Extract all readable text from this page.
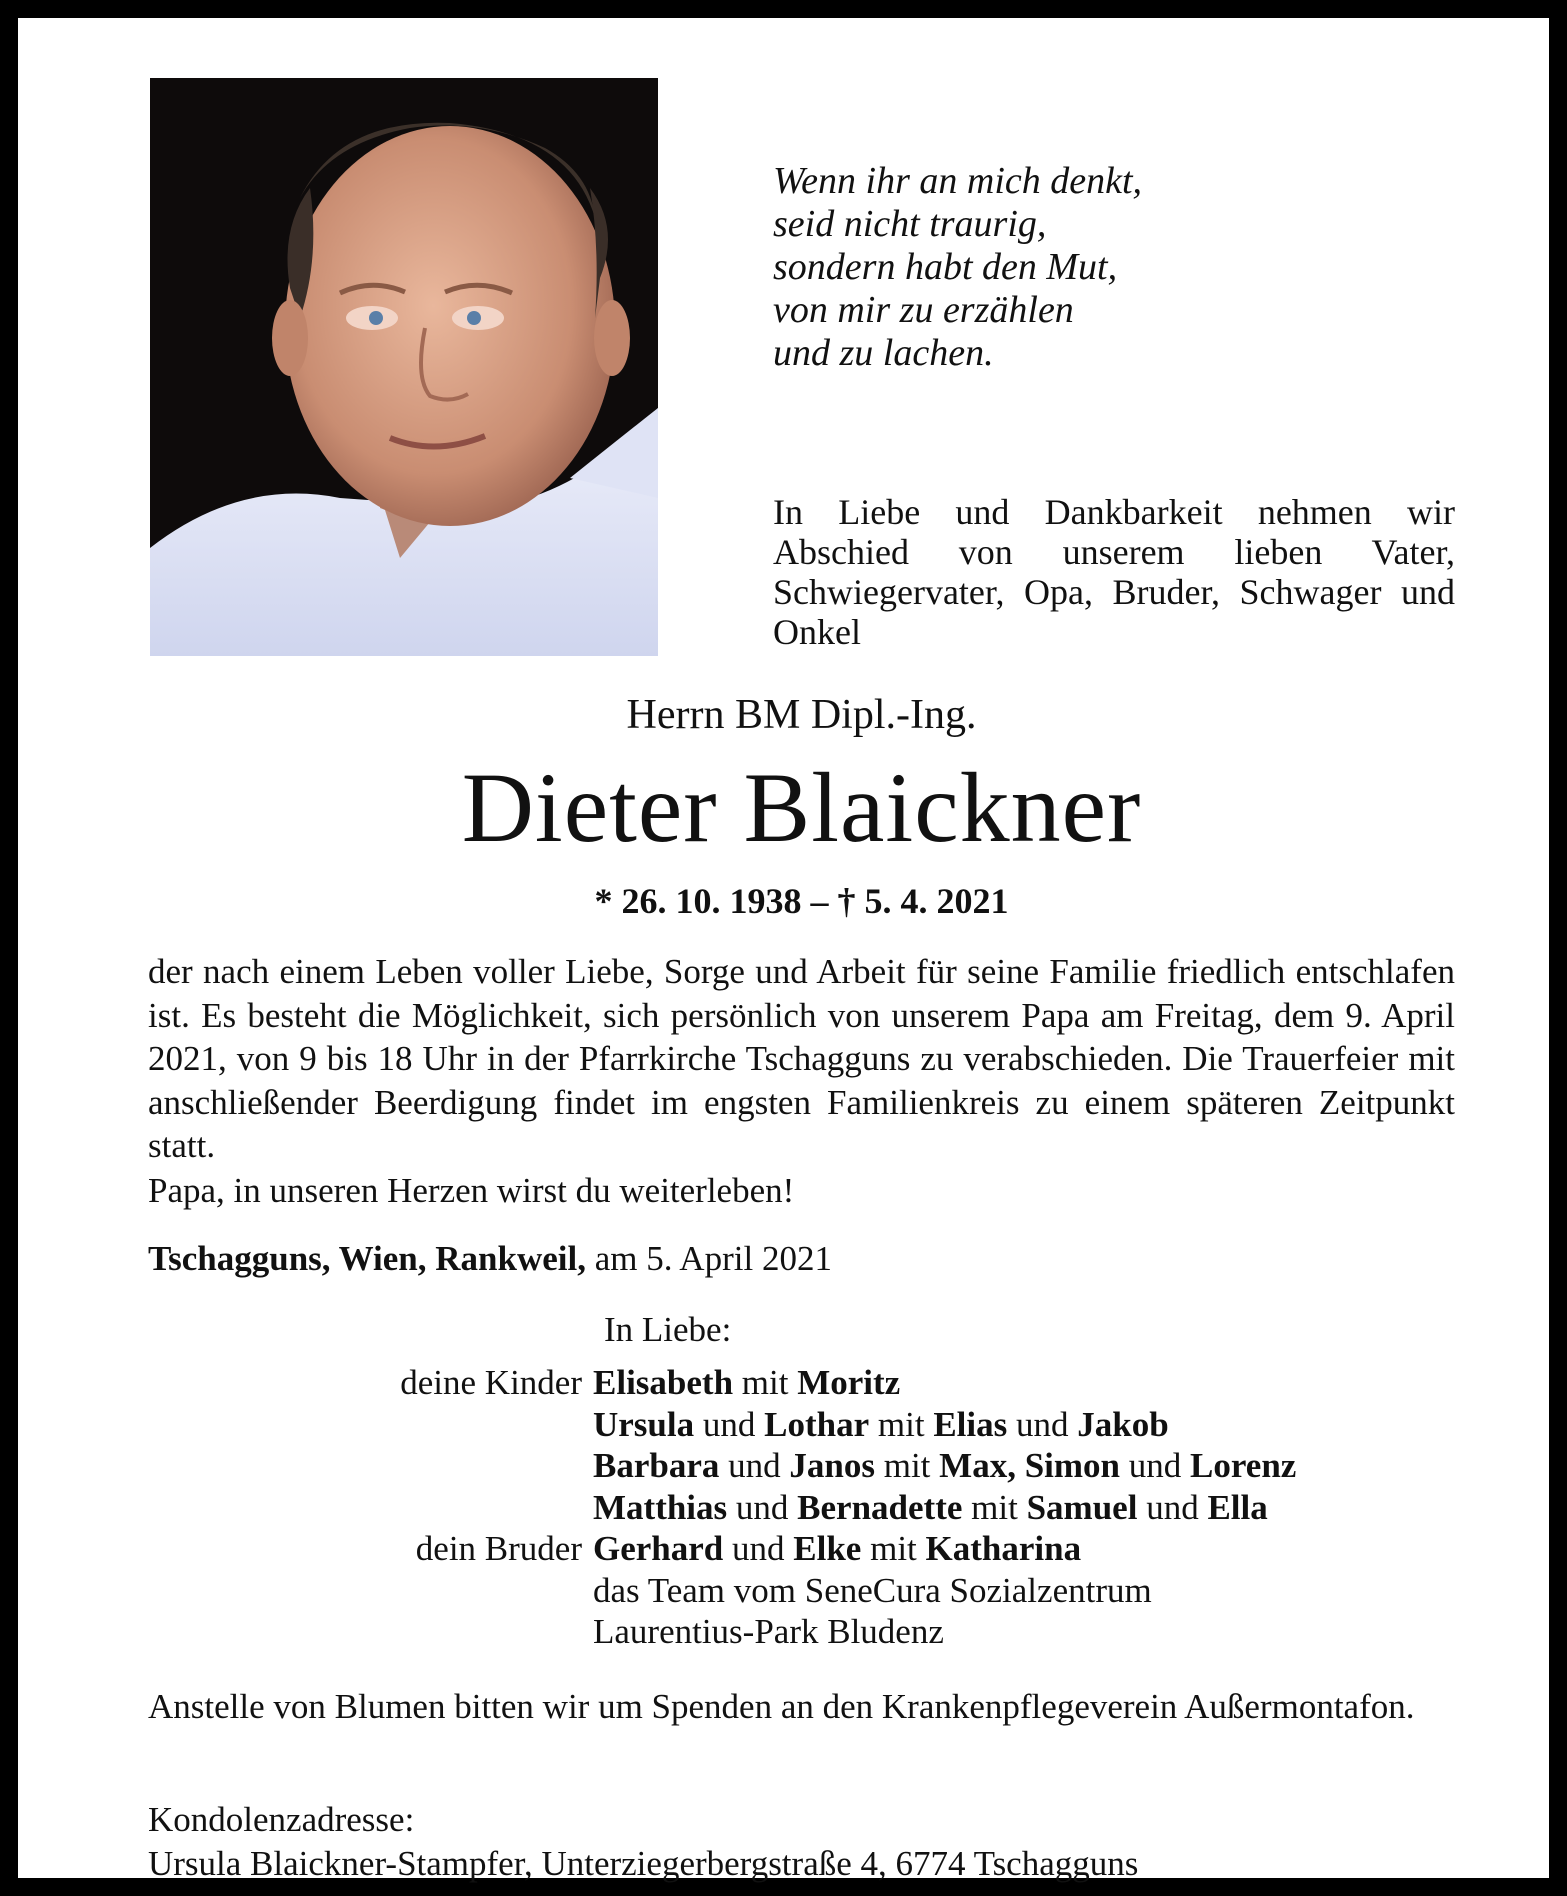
Wenn ihr an mich denkt,
seid nicht traurig,
sondern habt den Mut,
von mir zu erzählen
und zu lachen.
In Liebe und Dankbarkeit nehmen wir Abschied von unserem lieben Vater, Schwiegervater, Opa, Bruder, Schwager und Onkel
Herrn BM Dipl.-Ing.
Dieter Blaickner
* 26. 10. 1938 – † 5. 4. 2021
der nach einem Leben voller Liebe, Sorge und Arbeit für seine Familie friedlich entschlafen ist. Es besteht die Möglichkeit, sich persönlich von unserem Papa am Freitag, dem 9. April 2021, von 9 bis 18 Uhr in der Pfarrkirche Tschagguns zu verabschieden. Die Trauerfeier mit anschließender Beerdigung findet im engsten Familienkreis zu einem späteren Zeitpunkt statt.
Papa, in unseren Herzen wirst du weiterleben!
Tschagguns, Wien, Rankweil, am 5. April 2021
In Liebe:
deine Kinder Elisabeth mit Moritz
Ursula und Lothar mit Elias und Jakob
Barbara und Janos mit Max, Simon und Lorenz
Matthias und Bernadette mit Samuel und Ella
dein Bruder Gerhard und Elke mit Katharina
das Team vom SeneCura Sozialzentrum
Laurentius-Park Bludenz
Anstelle von Blumen bitten wir um Spenden an den Krankenpflegeverein Außermontafon.
Kondolenzadresse:
Ursula Blaickner-Stampfer, Unterziegerbergstraße 4, 6774 Tschagguns
